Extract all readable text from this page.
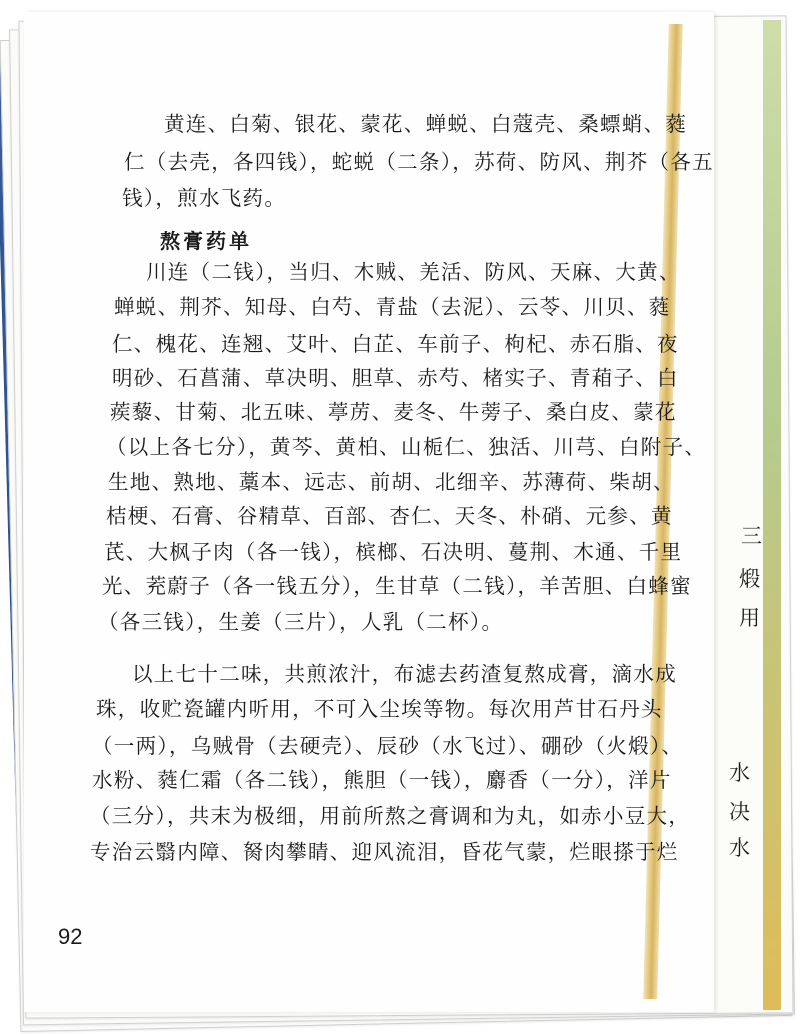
三
煅
用
水
决
水
黄连、白菊、银花、蒙花、蝉蜕、白蔻壳、桑螵蛸、蕤
仁（去壳，各四钱），蛇蜕（二条），苏荷、防风、荆芥（各五
钱），煎水飞药。
熬膏药单
川连（二钱），当归、木贼、羌活、防风、天麻、大黄、
蝉蜕、荆芥、知母、白芍、青盐（去泥）、云苓、川贝、蕤
仁、槐花、连翘、艾叶、白芷、车前子、枸杞、赤石脂、夜
明砂、石菖蒲、草决明、胆草、赤芍、楮实子、青葙子、白
蒺藜、甘菊、北五味、葶苈、麦冬、牛蒡子、桑白皮、蒙花
（以上各七分），黄芩、黄柏、山栀仁、独活、川芎、白附子、
生地、熟地、藁本、远志、前胡、北细辛、苏薄荷、柴胡、
桔梗、石膏、谷精草、百部、杏仁、天冬、朴硝、元参、黄
芪、大枫子肉（各一钱），槟榔、石决明、蔓荆、木通、千里
光、茺蔚子（各一钱五分），生甘草（二钱），羊苦胆、白蜂蜜
（各三钱），生姜（三片），人乳（二杯）。
以上七十二味，共煎浓汁，布滤去药渣复熬成膏，滴水成
珠，收贮瓷罐内听用，不可入尘埃等物。每次用芦甘石丹头
（一两），乌贼骨（去硬壳）、辰砂（水飞过）、硼砂（火煅）、
水粉、蕤仁霜（各二钱），熊胆（一钱），麝香（一分），洋片
（三分），共末为极细，用前所熬之膏调和为丸，如赤小豆大，
专治云翳内障、胬肉攀睛、迎风流泪，昏花气蒙，烂眼搽于烂
92
